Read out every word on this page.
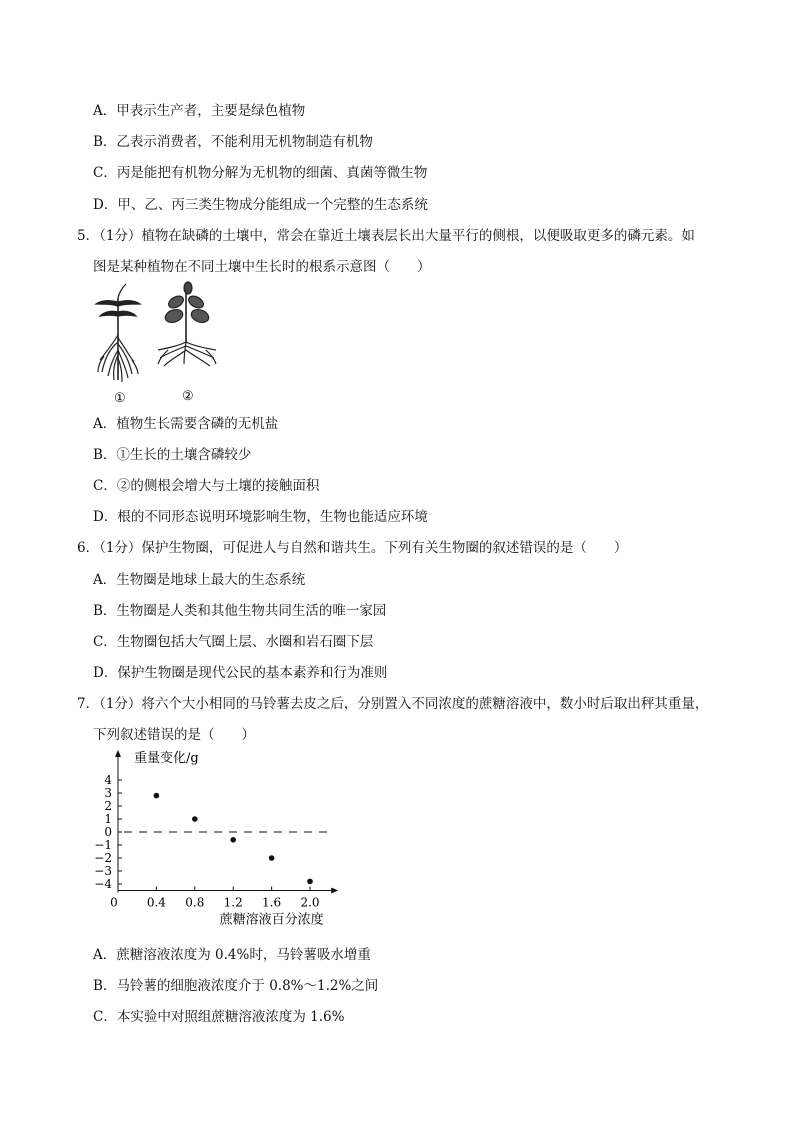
A．甲表示生产者，主要是绿色植物
B．乙表示消费者，不能利用无机物制造有机物
C．丙是能把有机物分解为无机物的细菌、真菌等微生物
D．甲、乙、丙三类生物成分能组成一个完整的生态系统
5．（1分）植物在缺磷的土壤中，常会在靠近土壤表层长出大量平行的侧根，以便吸取更多的磷元素。如
图是某种植物在不同土壤中生长时的根系示意图（　　）
①	②
A．植物生长需要含磷的无机盐
B．①生长的土壤含磷较少
C．②的侧根会增大与土壤的接触面积
D．根的不同形态说明环境影响生物，生物也能适应环境
6．（1分）保护生物圈，可促进人与自然和谐共生。下列有关生物圈的叙述错误的是（　　）
A．生物圈是地球上最大的生态系统
B．生物圈是人类和其他生物共同生活的唯一家园
C．生物圈包括大气圈上层、水圈和岩石圈下层
D．保护生物圈是现代公民的基本素养和行为准则
7．（1分）将六个大小相同的马铃薯去皮之后，分别置入不同浓度的蔗糖溶液中，数小时后取出秤其重量，
下列叙述错误的是（　　）
重量变化/g
4
3
2
1
0
−1
−2
−3
−4
0.4 0.8 1.2 1.6 2.0
0
蔗糖溶液百分浓度
A．蔗糖溶液浓度为 0.4%时，马铃薯吸水增重
B．马铃薯的细胞液浓度介于 0.8%～1.2%之间
C．本实验中对照组蔗糖溶液浓度为 1.6%
